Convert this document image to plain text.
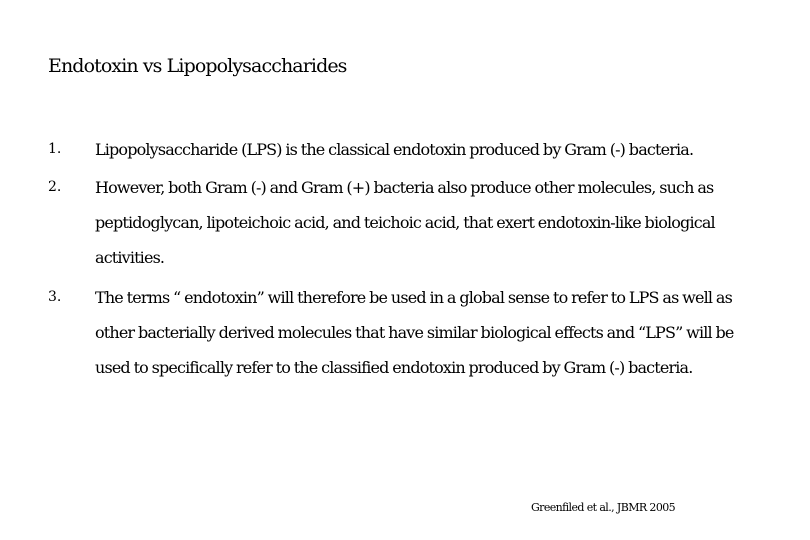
Endotoxin vs Lipopolysaccharides
1. Lipopolysaccharide (LPS) is the classical endotoxin produced by Gram (-) bacteria.
2. However, both Gram (-) and Gram (+) bacteria also produce other molecules, such as peptidoglycan, lipoteichoic acid, and teichoic acid, that exert endotoxin-like biological activities.
3. The terms “ endotoxin” will therefore be used in a global sense to refer to LPS as well as other bacterially derived molecules that have similar biological effects and “LPS” will be used to specifically refer to the classified endotoxin produced by Gram (-) bacteria.
Greenfiled et al., JBMR 2005
